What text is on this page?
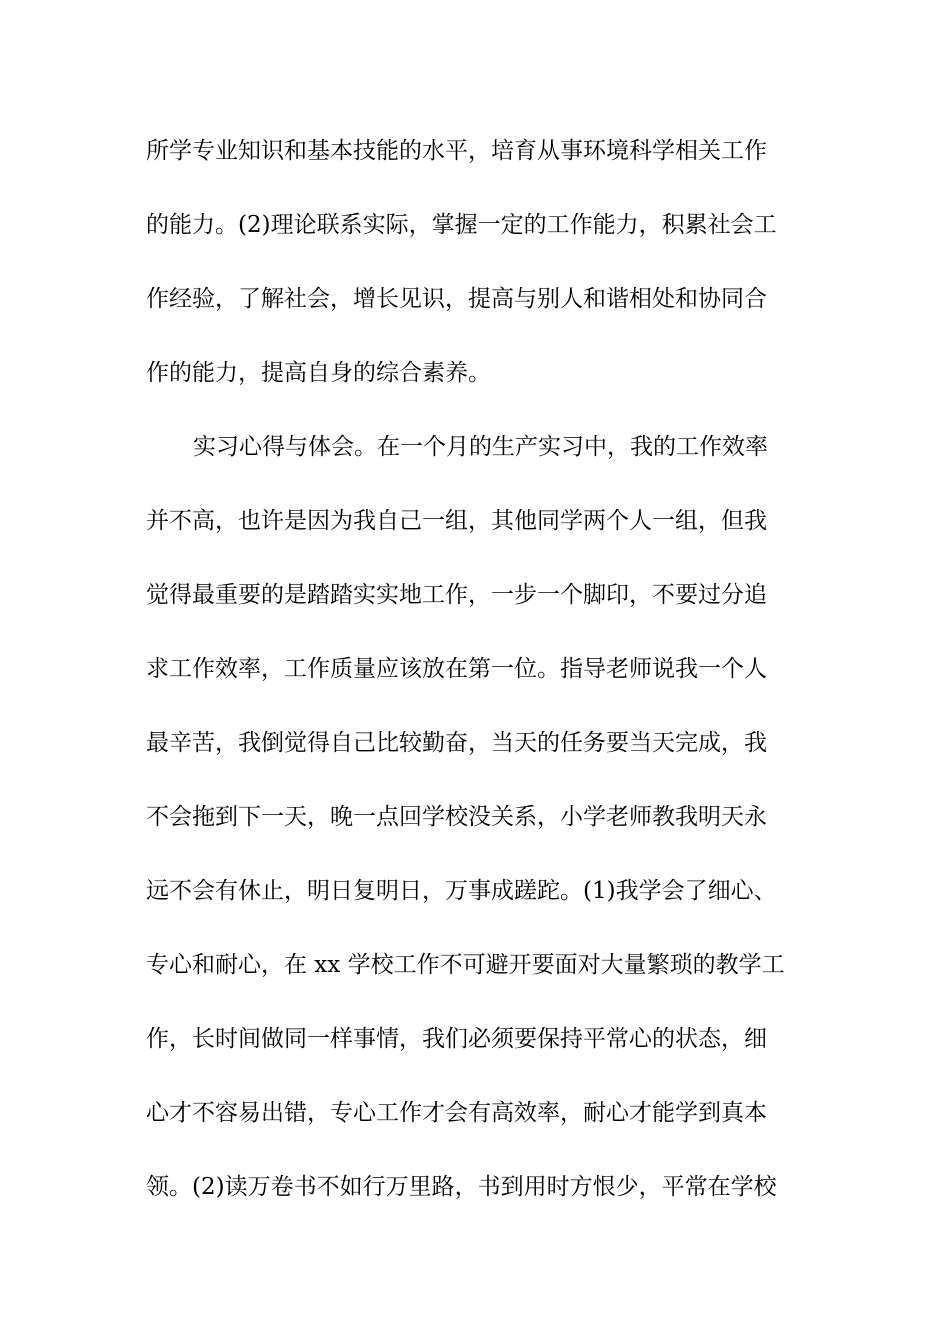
所学专业知识和基本技能的水平，培育从事环境科学相关工作
的能力。(2)理论联系实际，掌握一定的工作能力，积累社会工
作经验，了解社会，增长见识，提高与别人和谐相处和协同合
作的能力，提高自身的综合素养。
实习心得与体会。在一个月的生产实习中，我的工作效率
并不高，也许是因为我自己一组，其他同学两个人一组，但我
觉得最重要的是踏踏实实地工作，一步一个脚印，不要过分追
求工作效率，工作质量应该放在第一位。指导老师说我一个人
最辛苦，我倒觉得自己比较勤奋，当天的任务要当天完成，我
不会拖到下一天，晚一点回学校没关系，小学老师教我明天永
远不会有休止，明日复明日，万事成蹉跎。(1)我学会了细心、
专心和耐心，在 xx 学校工作不可避开要面对大量繁琐的教学工
作，长时间做同一样事情，我们必须要保持平常心的状态，细
心才不容易出错，专心工作才会有高效率，耐心才能学到真本
领。(2)读万卷书不如行万里路，书到用时方恨少，平常在学校
